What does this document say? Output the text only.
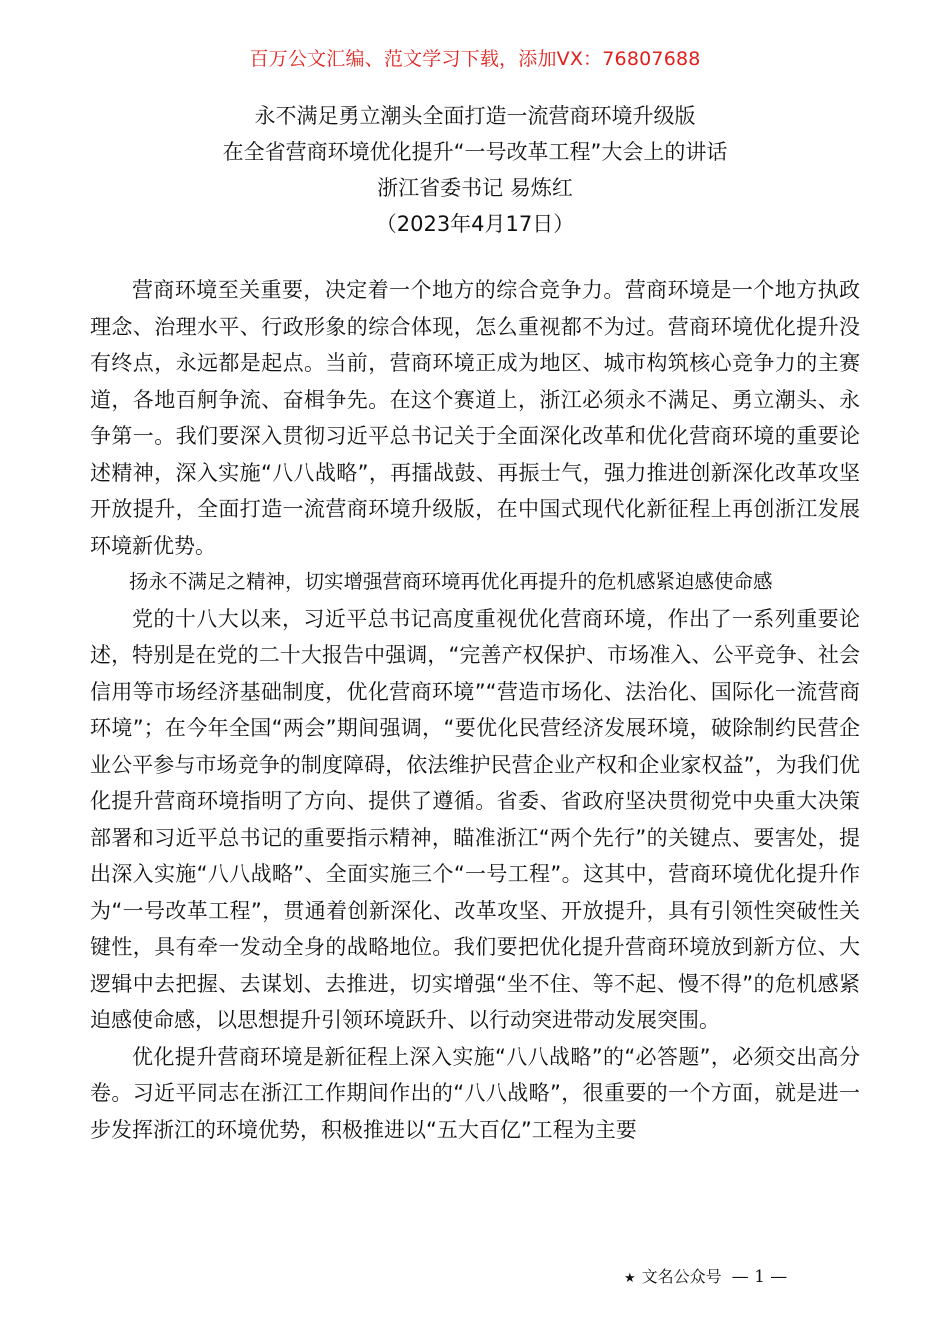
百万公文汇编、范文学习下载，添加VX：76807688
永不满足勇立潮头全面打造一流营商环境升级版
在全省营商环境优化提升“一号改革工程”大会上的讲话
浙江省委书记 易炼红
（2023年4月17日）

营商环境至关重要，决定着一个地方的综合竞争力。营商环境是一个地方执政理念、治理水平、行政形象的综合体现，怎么重视都不为过。营商环境优化提升没有终点，永远都是起点。当前，营商环境正成为地区、城市构筑核心竞争力的主赛道，各地百舸争流、奋楫争先。在这个赛道上，浙江必须永不满足、勇立潮头、永争第一。我们要深入贯彻习近平总书记关于全面深化改革和优化营商环境的重要论述精神，深入实施“八八战略”，再擂战鼓、再振士气，强力推进创新深化改革攻坚开放提升，全面打造一流营商环境升级版，在中国式现代化新征程上再创浙江发展环境新优势。

扬永不满足之精神，切实增强营商环境再优化再提升的危机感紧迫感使命感

党的十八大以来，习近平总书记高度重视优化营商环境，作出了一系列重要论述，特别是在党的二十大报告中强调，“完善产权保护、市场准入、公平竞争、社会信用等市场经济基础制度，优化营商环境”“营造市场化、法治化、国际化一流营商环境”；在今年全国“两会”期间强调，“要优化民营经济发展环境，破除制约民营企业公平参与市场竞争的制度障碍，依法维护民营企业产权和企业家权益”，为我们优化提升营商环境指明了方向、提供了遵循。省委、省政府坚决贯彻党中央重大决策部署和习近平总书记的重要指示精神，瞄准浙江“两个先行”的关键点、要害处，提出深入实施“八八战略”、全面实施三个“一号工程”。这其中，营商环境优化提升作为“一号改革工程”，贯通着创新深化、改革攻坚、开放提升，具有引领性突破性关键性，具有牵一发动全身的战略地位。我们要把优化提升营商环境放到新方位、大逻辑中去把握、去谋划、去推进，切实增强“坐不住、等不起、慢不得”的危机感紧迫感使命感，以思想提升引领环境跃升、以行动突进带动发展突围。

优化提升营商环境是新征程上深入实施“八八战略”的“必答题”，必须交出高分卷。习近平同志在浙江工作期间作出的“八八战略”，很重要的一个方面，就是进一步发挥浙江的环境优势，积极推进以“五大百亿”工程为主要

★ 文名公众号 — 1 —
